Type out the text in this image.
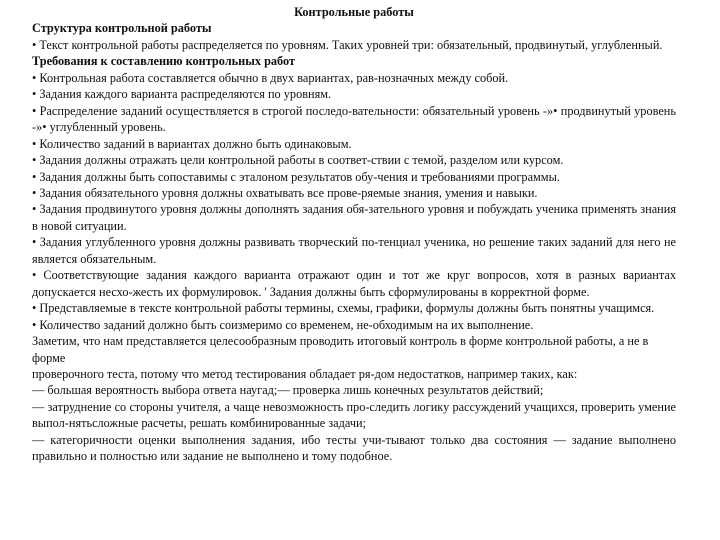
Контрольные работы

Структура контрольной работы

• Текст контрольной работы распределяется по уровням. Таких уровней три: обязательный, продвинутый, углубленный.

Требования к составлению контрольных работ

• Контрольная работа составляется обычно в двух вариантах, рав-нозначных между собой.

• Задания каждого варианта распределяются по уровням.

• Распределение заданий осуществляется в строгой последо-вательности: обязательный уровень -»• продвинутый уровень -»• углубленный уровень.

• Количество заданий в вариантах должно быть одинаковым.

• Задания должны отражать цели контрольной работы в соответ-ствии с темой, разделом или курсом.

• Задания должны быть сопоставимы с эталоном результатов обу-чения и требованиями программы.

• Задания обязательного уровня должны охватывать все прове-ряемые знания, умения и навыки.

• Задания продвинутого уровня должны дополнять задания обя-зательного уровня и побуждать ученика применять знания в новой ситуации.

• Задания углубленного уровня должны развивать творческий по-тенциал ученика, но решение таких заданий для него не является обязательным.

• Соответствующие задания каждого варианта отражают один и тот же круг вопросов, хотя в разных вариантах допускается несхо-жесть их формулировок. ' Задания должны быть сформулированы в корректной форме.

• Представляемые в тексте контрольной работы термины, схемы, графики, формулы должны быть понятны учащимся.

• Количество заданий должно быть соизмеримо со временем, не-обходимым на их выполнение.

Заметим, что нам представляется целесообразным проводить итоговый контроль в форме контрольной работы, а не в форме

проверочного теста, потому что метод тестирования обладает ря-дом недостатков, например таких, как:

— большая вероятность выбора ответа наугад;— проверка лишь конечных результатов действий;

— затруднение со стороны учителя, а чаще невозможность про-следить логику рассуждений учащихся, проверить умение выпол-нятьсложные расчеты, решать комбинированные задачи;

— категоричности оценки выполнения задания, ибо тесты учи-тывают только два состояния — задание выполнено правильно и полностью или задание не выполнено и тому подобное.
